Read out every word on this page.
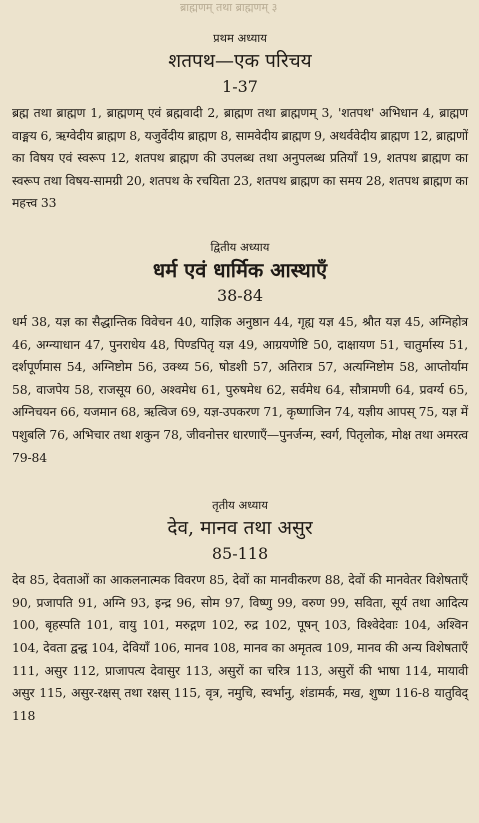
ब्राह्मणम् तथा ब्राह्मणम् ३
प्रथम अध्याय
शतपथ—एक परिचय
1-37
ब्रह्म तथा ब्राह्मण 1, ब्राह्मणम् एवं ब्रह्मवादी 2, ब्राह्मण तथा ब्राह्मणम् 3, 'शतपथ' अभिधान 4, ब्राह्मण वाङ्मय 6, ऋग्वेदीय ब्राह्मण 8, यजुर्वेदीय ब्राह्मण 8, सामवेदीय ब्राह्मण 9, अथर्ववेदीय ब्राह्मण 12, ब्राह्मणों का विषय एवं स्वरूप 12, शतपथ ब्राह्मण की उपलब्ध तथा अनुपलब्ध प्रतियाँ 19, शतपथ ब्राह्मण का स्वरूप तथा विषय-सामग्री 20, शतपथ के रचयिता 23, शतपथ ब्राह्मण का समय 28, शतपथ ब्राह्मण का महत्त्व 33
द्वितीय अध्याय
धर्म एवं धार्मिक आस्थाएँ
38-84
धर्म 38, यज्ञ का सैद्धान्तिक विवेचन 40, याज्ञिक अनुष्ठान 44, गृह्य यज्ञ 45, श्रौत यज्ञ 45, अग्निहोत्र 46, अग्न्याधान 47, पुनराधेय 48, पिण्डपितृ यज्ञ 49, आग्रयणेष्टि 50, दाक्षायण 51, चातुर्मास्य 51, दर्शपूर्णमास 54, अग्निष्टोम 56, उक्थ्य 56, षोडशी 57, अतिरात्र 57, अत्यग्निष्टोम 58, आप्तोर्याम 58, वाजपेय 58, राजसूय 60, अश्वमेध 61, पुरुषमेध 62, सर्वमेध 64, सौत्रामणी 64, प्रवर्ग्य 65, अग्निचयन 66, यजमान 68, ऋत्विज 69, यज्ञ-उपकरण 71, कृष्णाजिन 74, यज्ञीय आपस् 75, यज्ञ में पशुबलि 76, अभिचार तथा शकुन 78, जीवनोत्तर धारणाएँ—पुनर्जन्म, स्वर्ग, पितृलोक, मोक्ष तथा अमरत्व 79-84
तृतीय अध्याय
देव, मानव तथा असुर
85-118
देव 85, देवताओं का आकलनात्मक विवरण 85, देवों का मानवीकरण 88, देवों की मानवेतर विशेषताएँ 90, प्रजापति 91, अग्नि 93, इन्द्र 96, सोम 97, विष्णु 99, वरुण 99, सविता, सूर्य तथा आदित्य 100, बृहस्पति 101, वायु 101, मरुद्गण 102, रुद्र 102, पूषन् 103, विश्वेदेवाः 104, अश्विन 104, देवता द्वन्द्व 104, देवियाँ 106, मानव 108, मानव का अमृतत्व 109, मानव की अन्य विशेषताएँ 111, असुर 112, प्राजापत्य देवासुर 113, असुरों का चरित्र 113, असुरों की भाषा 114, मायावी असुर 115, असुर-रक्षस् तथा रक्षस् 115, वृत्र, नमुचि, स्वर्भानु, शंडामर्क, मख, शुष्ण 116-8 यातुविद् 118
